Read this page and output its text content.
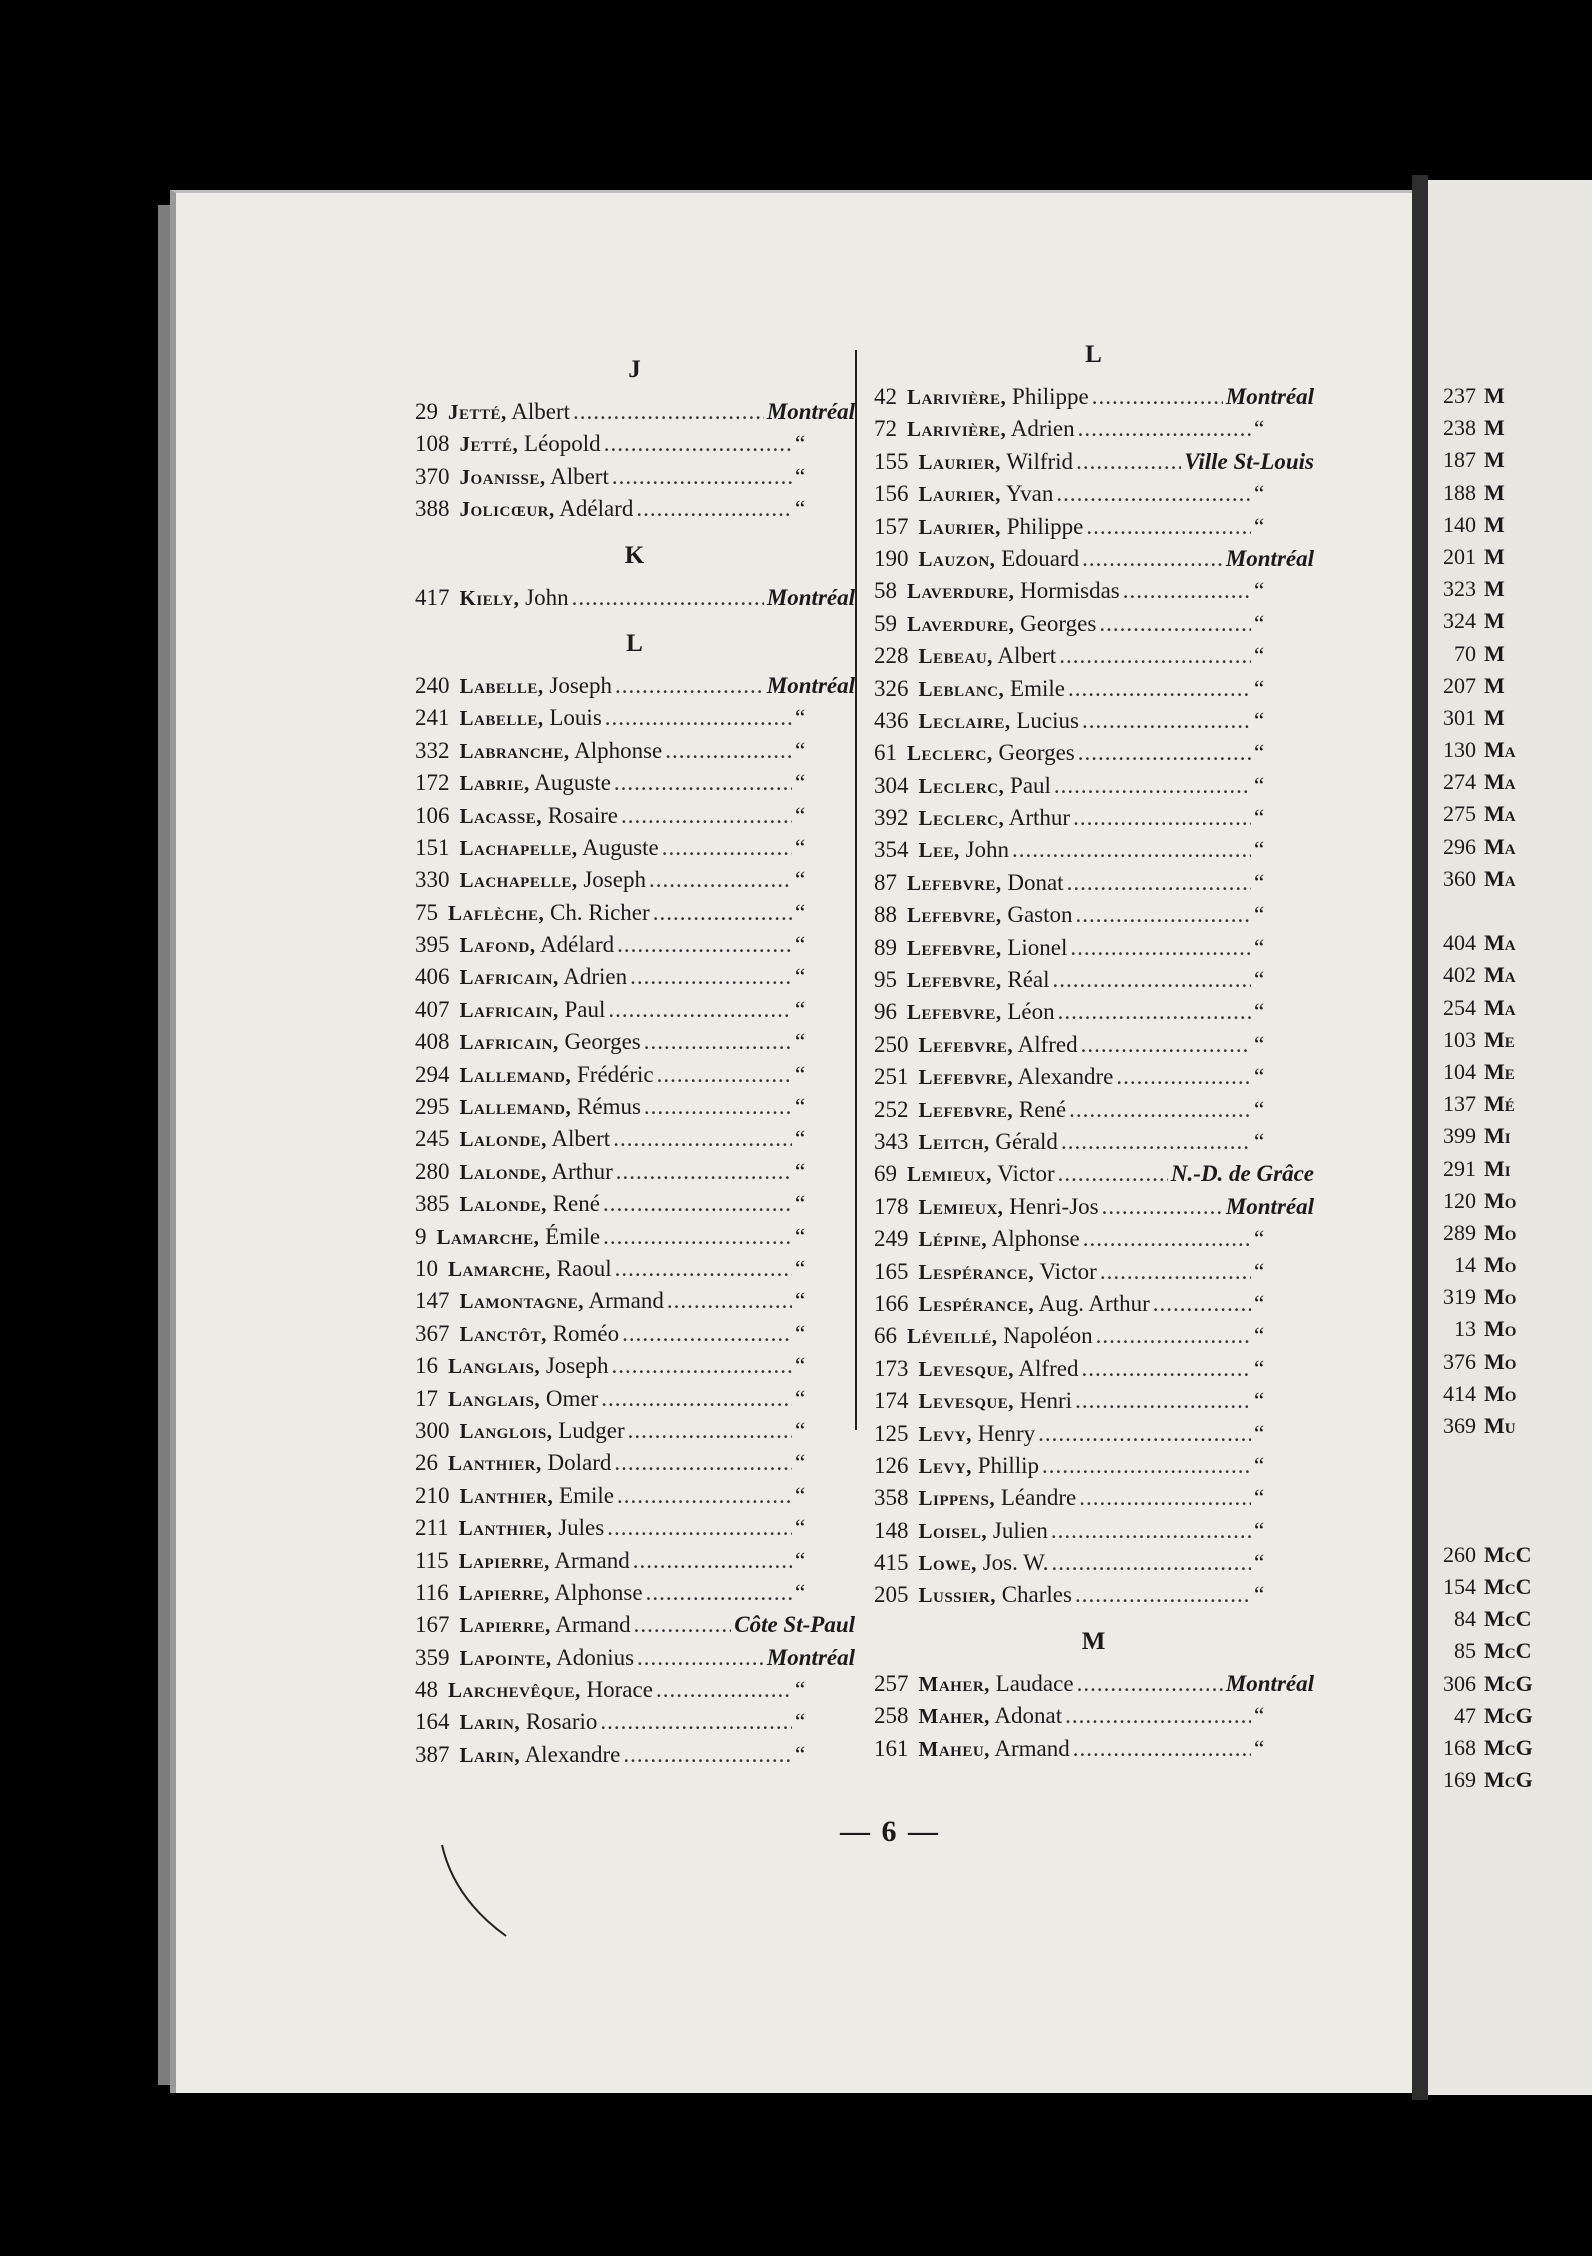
237 M
238 M
187 M
188 M
140 M
201 M
323 M
324 M
70 M
207 M
301 M
130 Ma
274 Ma
275 Ma
296 Ma
360 Ma
404 Ma
402 Ma
254 Ma
103 Me
104 Me
137 Mé
399 Mi
291 Mi
120 Mo
289 Mo
14 Mo
319 Mo
13 Mo
376 Mo
414 Mo
369 Mu
260 McC
154 McC
84 McC
85 McC
306 McG
47 McG
168 McG
169 McG
J
29 Jetté, Albert .....	Montréal
108 Jetté, Léopold .....	“
370 Joanisse, Albert .....	“
388 Jolicœur, Adélard .....	“
K
417 Kiely, John .....	Montréal
L
240 Labelle, Joseph .....	Montréal
241 Labelle, Louis .....	“
332 Labranche, Alphonse .....	“
172 Labrie, Auguste .....	“
106 Lacasse, Rosaire .....	“
151 Lachapelle, Auguste .....	“
330 Lachapelle, Joseph .....	“
75 Laflèche, Ch. Richer .....	“
395 Lafond, Adélard .....	“
406 Lafricain, Adrien .....	“
407 Lafricain, Paul .....	“
408 Lafricain, Georges .....	“
294 Lallemand, Frédéric .....	“
295 Lallemand, Rémus .....	“
245 Lalonde, Albert .....	“
280 Lalonde, Arthur .....	“
385 Lalonde, René .....	“
9 Lamarche, Émile .....	“
10 Lamarche, Raoul .....	“
147 Lamontagne, Armand .....	“
367 Lanctôt, Roméo .....	“
16 Langlais, Joseph .....	“
17 Langlais, Omer .....	“
300 Langlois, Ludger .....	“
26 Lanthier, Dolard .....	“
210 Lanthier, Emile .....	“
211 Lanthier, Jules .....	“
115 Lapierre, Armand .....	“
116 Lapierre, Alphonse .....	“
167 Lapierre, Armand .....	Côte St-Paul
359 Lapointe, Adonius .....	Montréal
48 Larchevêque, Horace .....	“
164 Larin, Rosario .....	“
387 Larin, Alexandre .....	“
L
42 Larivière, Philippe .....	Montréal
72 Larivière, Adrien .....	“
155 Laurier, Wilfrid .....	Ville St-Louis
156 Laurier, Yvan .....	“
157 Laurier, Philippe .....	“
190 Lauzon, Edouard .....	Montréal
58 Laverdure, Hormisdas .....	“
59 Laverdure, Georges .....	“
228 Lebeau, Albert .....	“
326 Leblanc, Emile .....	“
436 Leclaire, Lucius .....	“
61 Leclerc, Georges .....	“
304 Leclerc, Paul .....	“
392 Leclerc, Arthur .....	“
354 Lee, John .....	“
87 Lefebvre, Donat .....	“
88 Lefebvre, Gaston .....	“
89 Lefebvre, Lionel .....	“
95 Lefebvre, Réal .....	“
96 Lefebvre, Léon .....	“
250 Lefebvre, Alfred .....	“
251 Lefebvre, Alexandre .....	“
252 Lefebvre, René .....	“
343 Leitch, Gérald .....	“
69 Lemieux, Victor .....	N.-D. de Grâce
178 Lemieux, Henri-Jos .....	Montréal
249 Lépine, Alphonse .....	“
165 Lespérance, Victor .....	“
166 Lespérance, Aug. Arthur .....	“
66 Léveillé, Napoléon .....	“
173 Levesque, Alfred .....	“
174 Levesque, Henri .....	“
125 Levy, Henry .....	“
126 Levy, Phillip .....	“
358 Lippens, Léandre .....	“
148 Loisel, Julien .....	“
415 Lowe, Jos. W. .....	“
205 Lussier, Charles .....	“
M
257 Maher, Laudace .....	Montréal
258 Maher, Adonat .....	“
161 Maheu, Armand .....	“
— 6 —
